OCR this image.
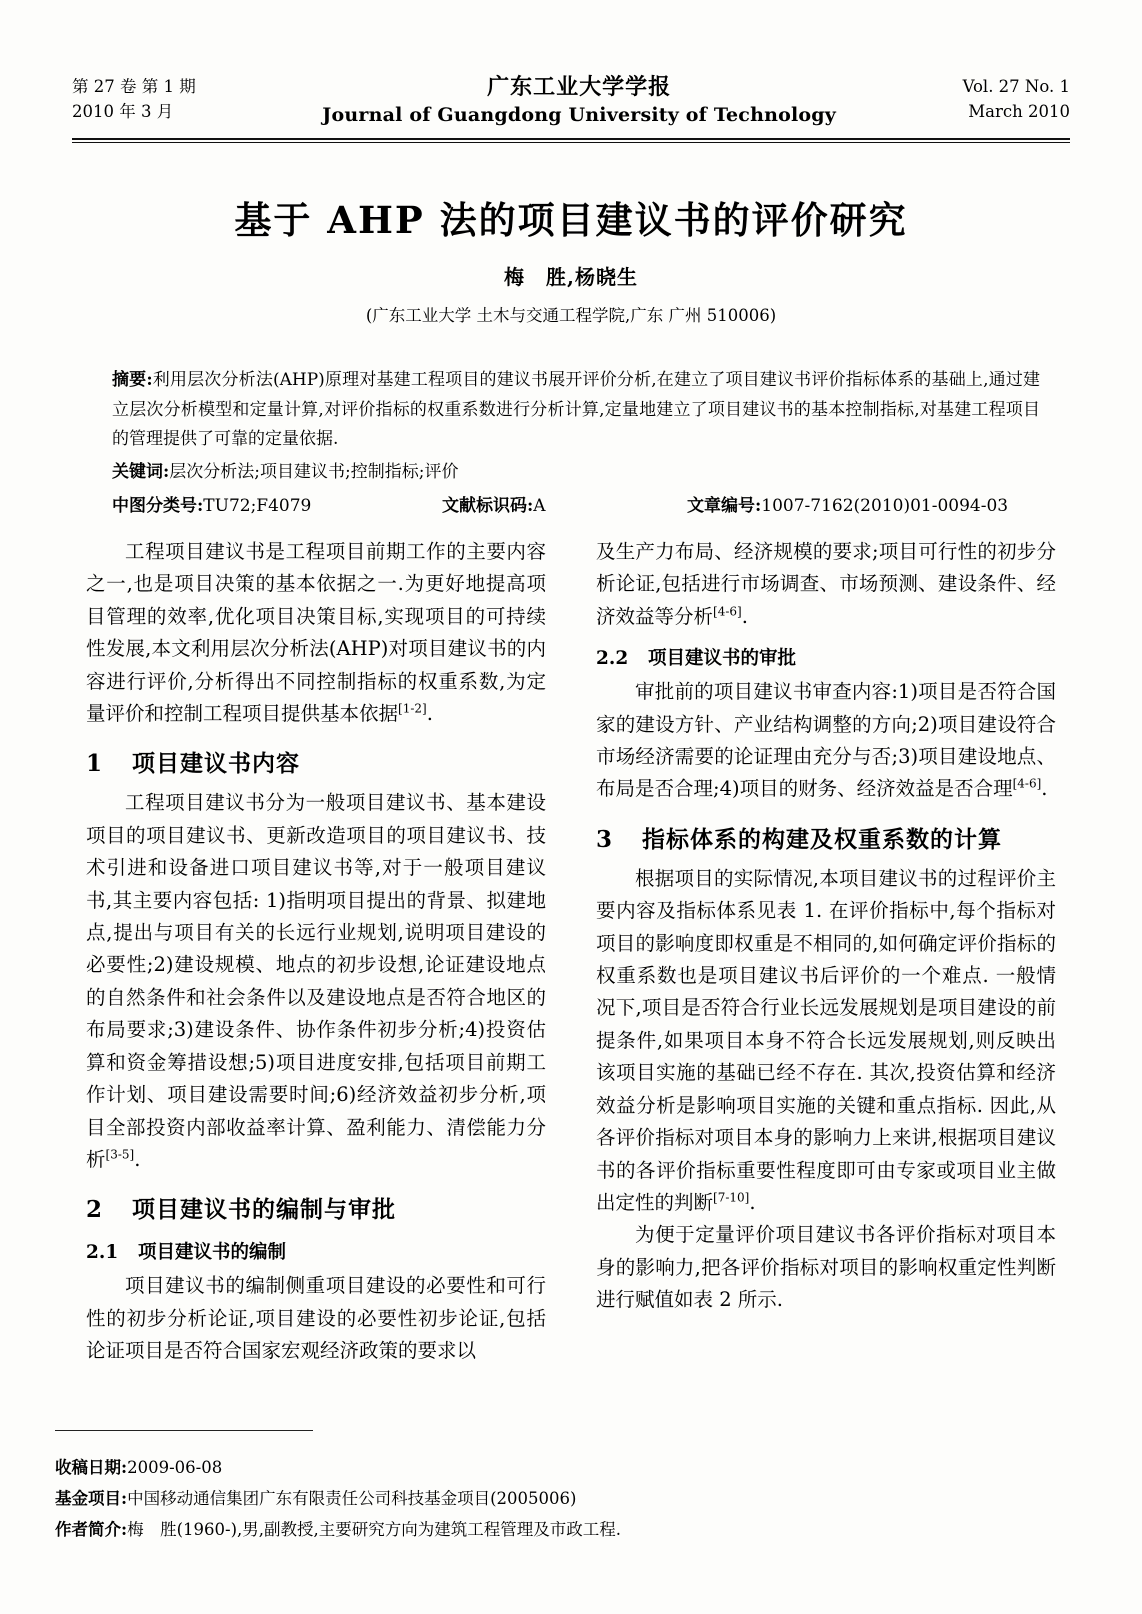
第 27 卷 第 1 期
2010 年 3 月
广东工业大学学报
Journal of Guangdong University of Technology
Vol. 27 No. 1
March 2010
基于 AHP 法的项目建议书的评价研究
梅　胜,杨晓生
(广东工业大学 土木与交通工程学院,广东 广州 510006)

摘要:利用层次分析法(AHP)原理对基建工程项目的建议书展开评价分析,在建立了项目建议书评价指标体系的基础上,通过建立层次分析模型和定量计算,对评价指标的权重系数进行分析计算,定量地建立了项目建议书的基本控制指标,对基建工程项目的管理提供了可靠的定量依据.

关键词:层次分析法;项目建议书;控制指标;评价

中图分类号:TU72;F4079	文献标识码:A	文章编号:1007-7162(2010)01-0094-03

工程项目建议书是工程项目前期工作的主要内容之一,也是项目决策的基本依据之一.为更好地提高项目管理的效率,优化项目决策目标,实现项目的可持续性发展,本文利用层次分析法(AHP)对项目建议书的内容进行评价,分析得出不同控制指标的权重系数,为定量评价和控制工程项目提供基本依据[1-2].

1	项目建议书内容

工程项目建议书分为一般项目建议书、基本建设项目的项目建议书、更新改造项目的项目建议书、技术引进和设备进口项目建议书等,对于一般项目建议书,其主要内容包括: 1)指明项目提出的背景、拟建地点,提出与项目有关的长远行业规划,说明项目建设的必要性;2)建设规模、地点的初步设想,论证建设地点的自然条件和社会条件以及建设地点是否符合地区的布局要求;3)建设条件、协作条件初步分析;4)投资估算和资金筹措设想;5)项目进度安排,包括项目前期工作计划、项目建设需要时间;6)经济效益初步分析,项目全部投资内部收益率计算、盈利能力、清偿能力分析[3-5].

2	项目建议书的编制与审批
2.1	项目建议书的编制

项目建议书的编制侧重项目建设的必要性和可行性的初步分析论证,项目建设的必要性初步论证,包括论证项目是否符合国家宏观经济政策的要求以

及生产力布局、经济规模的要求;项目可行性的初步分析论证,包括进行市场调查、市场预测、建设条件、经济效益等分析[4-6].

2.2	项目建议书的审批

审批前的项目建议书审查内容:1)项目是否符合国家的建设方针、产业结构调整的方向;2)项目建设符合市场经济需要的论证理由充分与否;3)项目建设地点、布局是否合理;4)项目的财务、经济效益是否合理[4-6].

3	指标体系的构建及权重系数的计算

根据项目的实际情况,本项目建议书的过程评价主要内容及指标体系见表 1. 在评价指标中,每个指标对项目的影响度即权重是不相同的,如何确定评价指标的权重系数也是项目建议书后评价的一个难点. 一般情况下,项目是否符合行业长远发展规划是项目建设的前提条件,如果项目本身不符合长远发展规划,则反映出该项目实施的基础已经不存在. 其次,投资估算和经济效益分析是影响项目实施的关键和重点指标. 因此,从各评价指标对项目本身的影响力上来讲,根据项目建议书的各评价指标重要性程度即可由专家或项目业主做出定性的判断[7-10].

为便于定量评价项目建议书各评价指标对项目本身的影响力,把各评价指标对项目的影响权重定性判断进行赋值如表 2 所示.

收稿日期:2009-06-08
基金项目:中国移动通信集团广东有限责任公司科技基金项目(2005006)
作者简介:梅　胜(1960-),男,副教授,主要研究方向为建筑工程管理及市政工程.
